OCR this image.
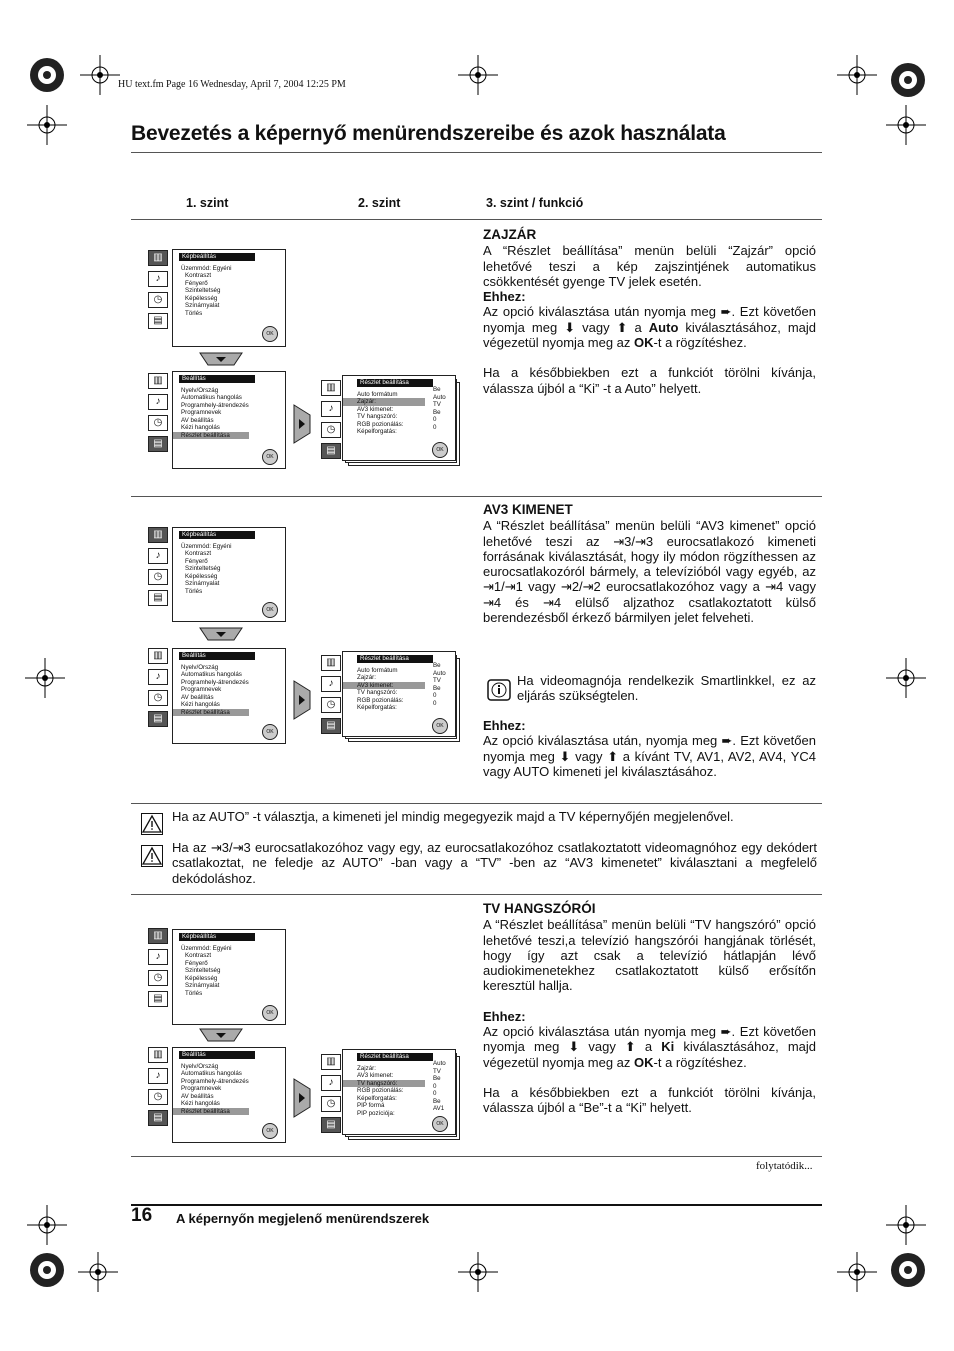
HU text.fm Page 16 Wednesday, April 7, 2004 12:25 PM
Bevezetés a képernyő menürendszereibe és azok használata
1. szint	2. szint	3. szint / funkció
▥
♪
◷
▤
Képbeállítás
Üzemmód: Egyéni
Kontraszt
Fényerő
Szinteltetség
Képélesség
Színárnyalat
Törlés
OK
▥
♪
◷
▤
Beállítás
Nyelv/Ország
Automatikus hangolás
Programhely-átrendezés
Programnevek
AV beállítás
Kézi hangolás
Részlet beállítása
OK
▥
♪
◷
▤
Részlet beállítása
Auto formátum
Zajzár:
AV3 kimenet:
TV hangszóró:
RGB pozionálás:
Képelforgatás:
Be
Auto
TV
Be
0
0
OK
ZAJZÁR

A “Részlet beállítása” menün belüli “Zajzár” opció lehetővé teszi a kép zajszintjének automatikus csökkentését gyenge TV jelek esetén.

Ehhez:

Az opció kiválasztása után nyomja meg ➨. Ezt követően nyomja meg ⬇ vagy ⬆ a Auto kiválasztásához, majd végezetül nyomja meg az OK-t a rögzítéshez.

Ha a későbbiekben ezt a funkciót törölni kívánja, válassza újból a “Ki” -t a Auto” helyett.

▥
♪
◷
▤
Képbeállítás
Üzemmód: Egyéni
Kontraszt
Fényerő
Szinteltetség
Képélesség
Színárnyalat
Törlés
OK
▥
♪
◷
▤
Beállítás
Nyelv/Ország
Automatikus hangolás
Programhely-átrendezés
Programnevek
AV beállítás
Kézi hangolás
Részlet beállítása
OK
▥
♪
◷
▤
Részlet beállítása
Auto formátum
Zajzár:
AV3 kimenet:
TV hangszóró:
RGB pozionálás:
Képelforgatás:
Be
Auto
TV
Be
0
0
OK
AV3 KIMENET

A “Részlet beállítása” menün belüli “AV3 kimenet” opció lehetővé teszi az ⇥3/⇥3 eurocsatlakozó kimeneti forrásának kiválasztását, hogy ily módon rögzíthessen az eurocsatlakozóról bármely, a televízióból vagy egyéb, az ⇥1/⇥1 vagy ⇥2/⇥2 eurocsatlakozóhoz vagy a ⇥4 vagy ⇥4 és ⇥4 elülső aljzathoz csatlakoztatott külső berendezésből érkező bármilyen jelet felveheti.

Ha videomagnója rendelkezik Smartlinkkel, ez az eljárás szükségtelen.
Ehhez:

Az opció kiválasztása után, nyomja meg ➨. Ezt követően nyomja meg ⬇ vagy ⬆ a kívánt TV, AV1, AV2, AV4, YC4 vagy AUTO kimeneti jel kiválasztásához.

Ha az AUTO” -t választja, a kimeneti jel mindig megegyezik majd a TV képernyőjén megjelenővel.
Ha az ⇥3/⇥3 eurocsatlakozóhoz vagy egy, az eurocsatlakozóhoz csatlakoztatott videomagnóhoz egy dekódert csatlakoztat, ne feledje az AUTO” -ban vagy a “TV” -ben az “AV3 kimenetet” kiválasztani a megfelelő dekódoláshoz.
▥
♪
◷
▤
Képbeállítás
Üzemmód: Egyéni
Kontraszt
Fényerő
Szinteltetség
Képélesség
Színárnyalat
Törlés
OK
▥
♪
◷
▤
Beállítás
Nyelv/Ország
Automatikus hangolás
Programhely-átrendezés
Programnevek
AV beállítás
Kézi hangolás
Részlet beállítása
OK
▥
♪
◷
▤
Részlet beállítása
Zajzár:
AV3 kimenet:
TV hangszóró:
RGB pozionálás:
Képelforgatás:
PIP formá
PIP pozíciója:
Auto
TV
Be
0
0
Be
AV1
OK
TV HANGSZÓRÓI

A “Részlet beállítása” menün belüli “TV hangszóró” opció lehetővé teszi,a televízió hangszórói hangjának törlését, hogy így azt csak a televízió hátlapján lévő audiokimenetekhez csatlakoztatott külső erősítőn keresztül hallja.

Ehhez:

Az opció kiválasztása után nyomja meg ➨. Ezt követően nyomja meg ⬇ vagy ⬆ a Ki kiválasztásához, majd végezetül nyomja meg az OK-t a rögzítéshez.

Ha a későbbiekben ezt a funkciót törölni kívánja, válassza újból a “Be”-t a “Ki” helyett.

folytatódik...
16 A képernyőn megjelenő menürendszerek
